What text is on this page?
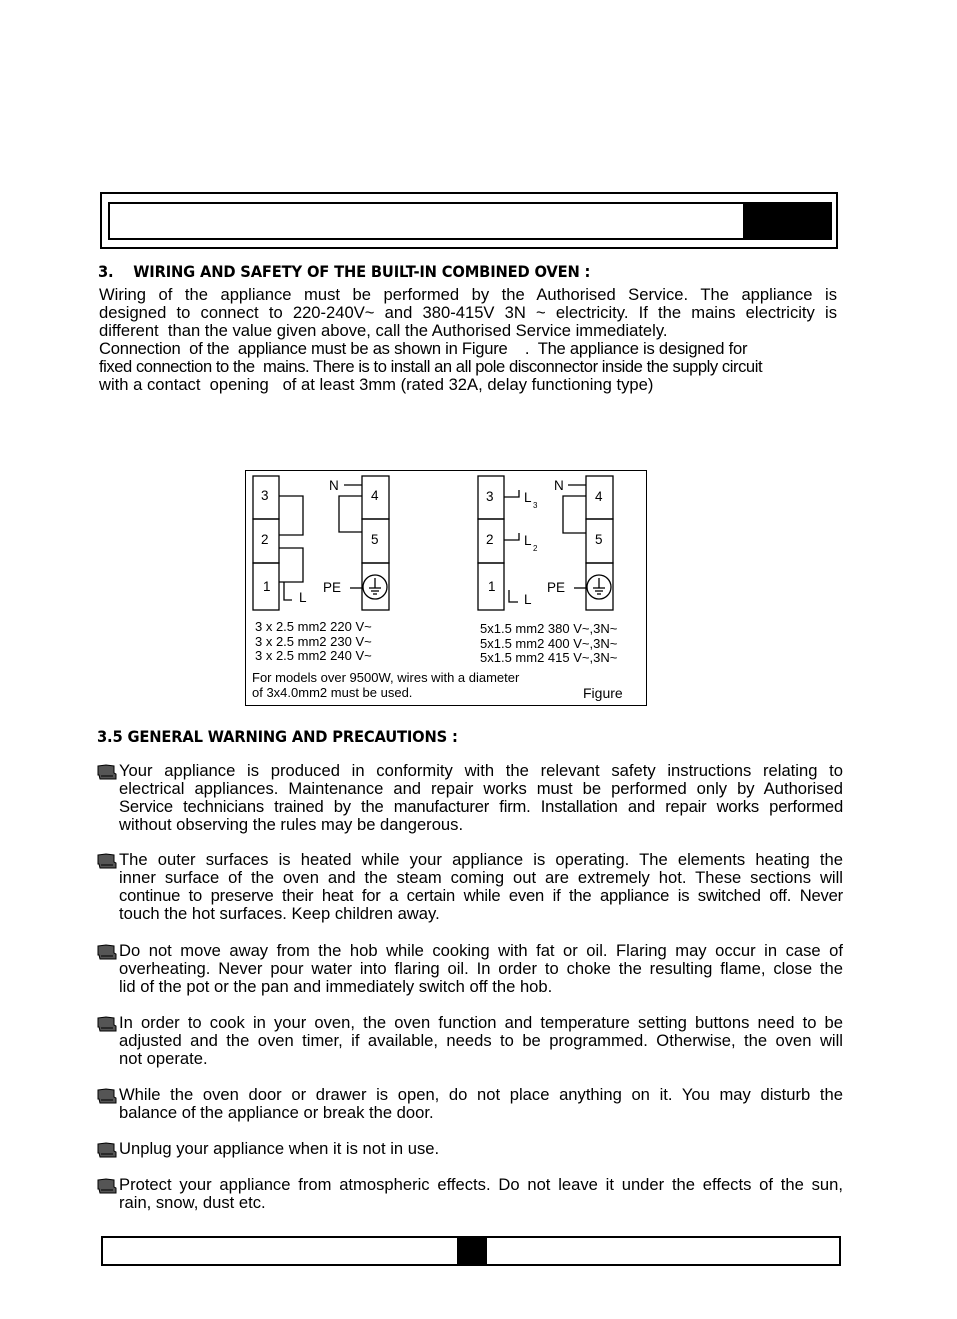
3.    WIRING AND SAFETY OF THE BUILT-IN COMBINED OVEN :
Wiring of the appliance must be performed by the Authorised Service. The appliance is
designed to connect to 220-240V~ and 380-415V 3N ~ electricity. If the mains electricity is
different  than the value given above, call the Authorised Service immediately.
Connection  of the  appliance must be as shown in Figure    .  The appliance is designed for
fixed connection to the  mains. There is to install an all pole disconnector inside the supply circuit
with a contact  opening   of at least 3mm (rated 32A, delay functioning type)
3
2
1
4
5
N
L
PE
3
2
1
4
5
N
L
3
L
2
L
PE
3 x 2.5 mm2 220 V~
3 x 2.5 mm2 230 V~
3 x 2.5 mm2 240 V~
5x1.5 mm2 380 V~,3N~
5x1.5 mm2 400 V~,3N~
5x1.5 mm2 415 V~,3N~
For models over 9500W, wires with a diameter
of 3x4.0mm2 must be used.	Figure
3.5 GENERAL WARNING AND PRECAUTIONS :
Your appliance is produced in conformity with the relevant safety instructions relating to
electrical appliances. Maintenance and repair works must be performed only by Authorised
Service technicians trained by the manufacturer firm. Installation and repair works performed
without observing the rules may be dangerous.
The outer surfaces is heated while your appliance is operating. The elements heating the
inner surface of the oven and the steam coming out are extremely hot. These sections will
continue to preserve their heat for a certain while even if the appliance is switched off. Never
touch the hot surfaces. Keep children away.
Do not move away from the hob while cooking with fat or oil. Flaring may occur in case of
overheating. Never pour water into flaring oil. In order to choke the resulting flame, close the
lid of the pot or the pan and immediately switch off the hob.
In order to cook in your oven, the oven function and temperature setting buttons need to be
adjusted and the oven timer, if available, needs to be programmed. Otherwise, the oven will
not operate.
While the oven door or drawer is open, do not place anything on it. You may disturb the
balance of the appliance or break the door.
Unplug your appliance when it is not in use.
Protect your appliance from atmospheric effects. Do not leave it under the effects of the sun,
rain, snow, dust etc.
